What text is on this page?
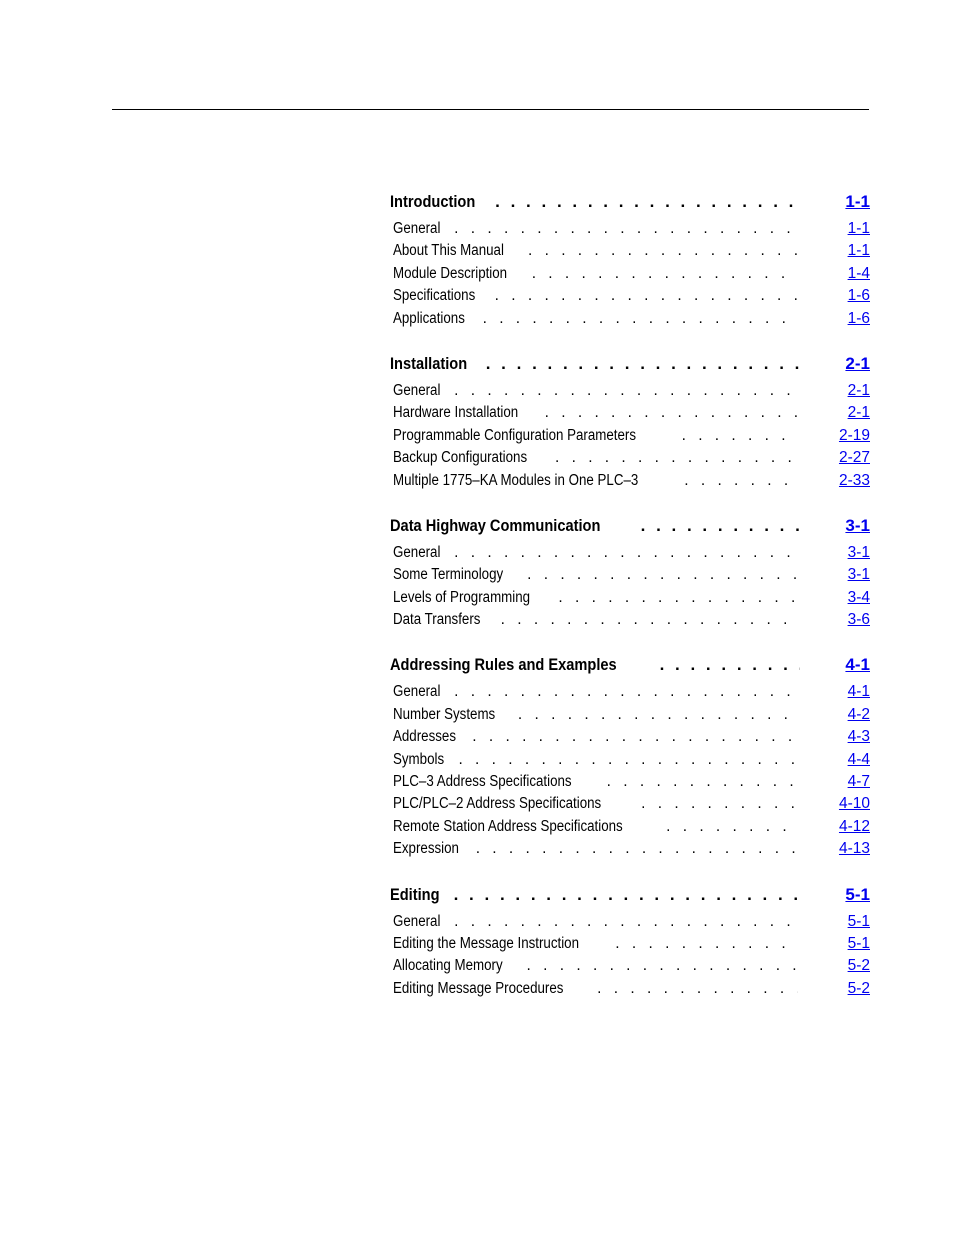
Introduction . . .	1-1
General . . .	1-1
About This Manual . . .	1-1
Module Description . . .	1-4
Specifications . . .	1-6
Applications . . .	1-6
Installation . . .	2-1
General . . .	2-1
Hardware Installation . . .	2-1
Programmable Configuration Parameters . . .	2-19
Backup Configurations . . .	2-27
Multiple 1775–KA Modules in One PLC–3 . . .	2-33
Data Highway Communication . . .	3-1
General . . .	3-1
Some Terminology . . .	3-1
Levels of Programming . . .	3-4
Data Transfers . . .	3-6
Addressing Rules and Examples . . .	4-1
General . . .	4-1
Number Systems . . .	4-2
Addresses . . .	4-3
Symbols . . .	4-4
PLC–3 Address Specifications . . .	4-7
PLC/PLC–2 Address Specifications . . .	4-10
Remote Station Address Specifications . . .	4-12
Expression . . .	4-13
Editing . . .	5-1
General . . .	5-1
Editing the Message Instruction . . .	5-1
Allocating Memory . . .	5-2
Editing Message Procedures . . .	5-2
